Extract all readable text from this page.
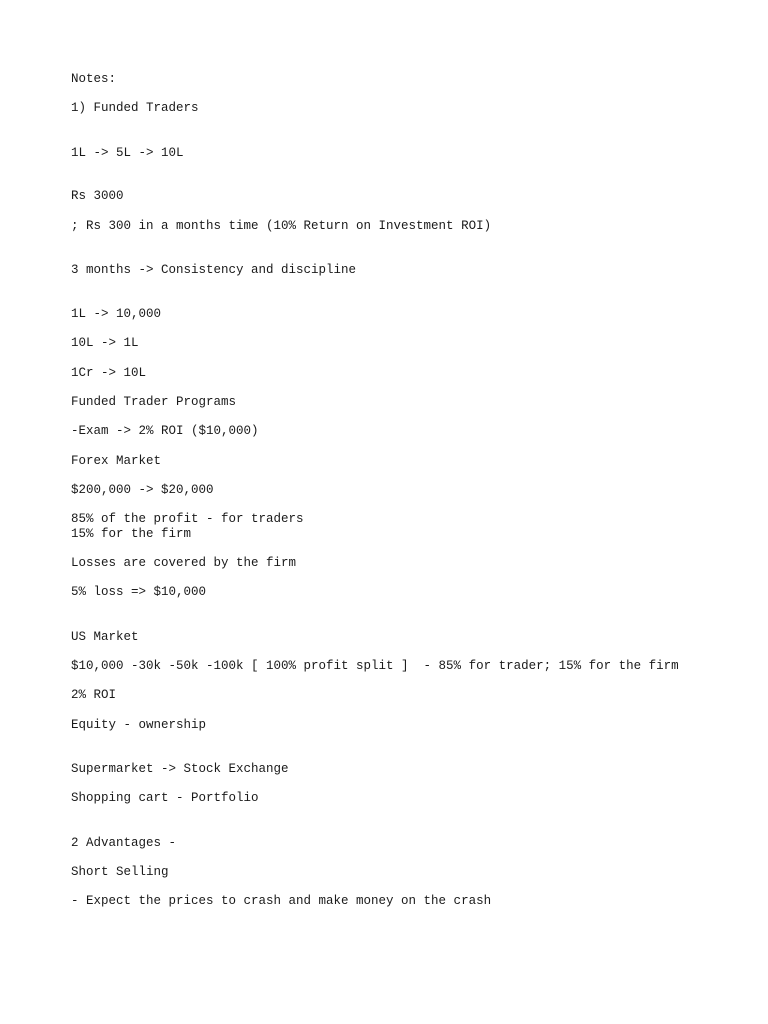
Notes:

1) Funded Traders

1L -> 5L -> 10L

Rs 3000

; Rs 300 in a months time (10% Return on Investment ROI)

3 months -> Consistency and discipline

1L -> 10,000

10L -> 1L

1Cr -> 10L

Funded Trader Programs

-Exam -> 2% ROI ($10,000)

Forex Market

$200,000 -> $20,000

85% of the profit - for traders

15% for the firm

Losses are covered by the firm

5% loss => $10,000

US Market

$10,000 -30k -50k -100k [ 100% profit split ]  - 85% for trader; 15% for the firm

2% ROI

Equity - ownership

Supermarket -> Stock Exchange

Shopping cart - Portfolio

2 Advantages -

Short Selling

- Expect the prices to crash and make money on the crash
